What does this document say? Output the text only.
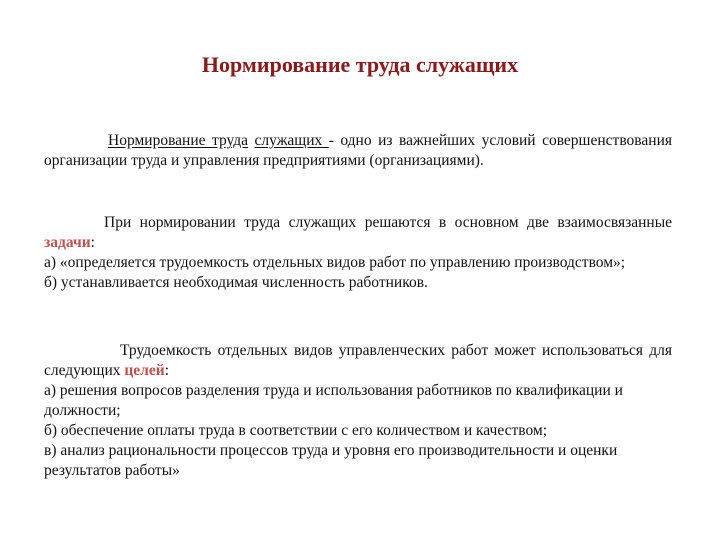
Нормирование труда служащих

Нормирование труда служащих - одно из важнейших условий совершенствования организации труда и управления предприятиями (организациями).

При нормировании труда служащих решаются в основном две взаимосвязанные задачи:
а) «определяется трудоемкость отдельных видов работ по управлению производством»;
б) устанавливается необходимая численность работников.
Трудоемкость отдельных видов управленческих работ может использоваться для следующих целей:
а) решения вопросов разделения труда и использования работников по квалификации и должности;
б) обеспечение оплаты труда в соответствии с его количеством и качеством;
в) анализ рациональности процессов труда и уровня его производительности и оценки результатов работы»
